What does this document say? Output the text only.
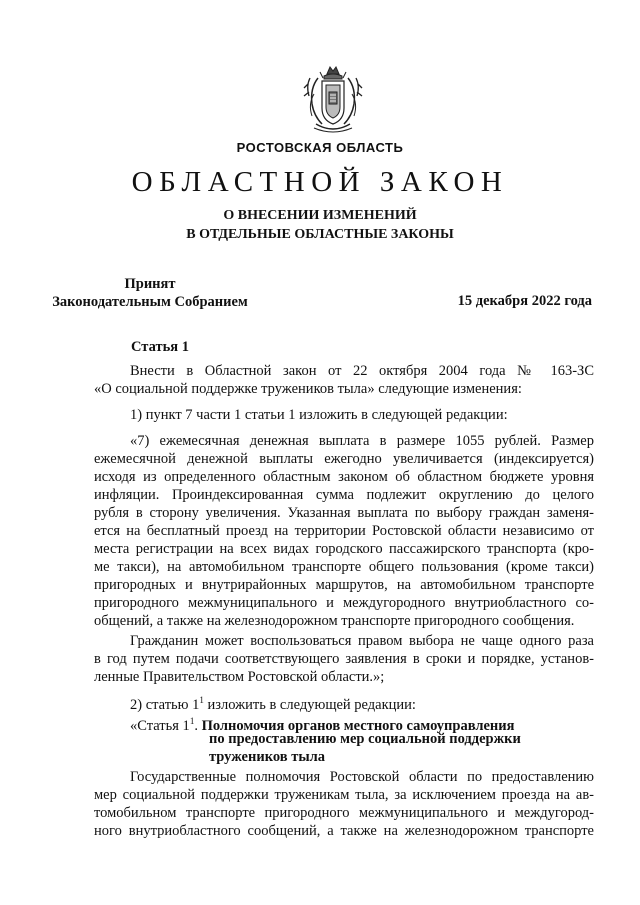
РОСТОВСКАЯ ОБЛАСТЬ
ОБЛАСТНОЙ ЗАКОН
О ВНЕСЕНИИ ИЗМЕНЕНИЙ
В ОТДЕЛЬНЫЕ ОБЛАСТНЫЕ ЗАКОНЫ
Принят
Законодательным Собранием	15 декабря 2022 года
Статья 1
Внести в Областной закон от 22 октября 2004 года № 163-ЗС
«О социальной поддержке тружеников тыла» следующие изменения:
1) пункт 7 части 1 статьи 1 изложить в следующей редакции:
«7) ежемесячная денежная выплата в размере 1055 рублей. Размер
ежемесячной денежной выплаты ежегодно увеличивается (индексируется)
исходя из определенного областным законом об областном бюджете уровня
инфляции. Проиндексированная сумма подлежит округлению до целого
рубля в сторону увеличения. Указанная выплата по выбору граждан заменя-
ется на бесплатный проезд на территории Ростовской области независимо от
места регистрации на всех видах городского пассажирского транспорта (кро-
ме такси), на автомобильном транспорте общего пользования (кроме такси)
пригородных и внутрирайонных маршрутов, на автомобильном транспорте
пригородного межмуниципального и междугородного внутриобластного со-
общений, а также на железнодорожном транспорте пригородного сообщения.
Гражданин может воспользоваться правом выбора не чаще одного раза
в год путем подачи соответствующего заявления в сроки и порядке, установ-
ленные Правительством Ростовской области.»;
2) статью $1^1$ изложить в следующей редакции:
«Статья $1^1$. Полномочия органов местного самоуправления
по предоставлению мер социальной поддержки
тружеников тыла
Государственные полномочия Ростовской области по предоставлению
мер социальной поддержки труженикам тыла, за исключением проезда на ав-
томобильном транспорте пригородного межмуниципального и междугород-
ного внутриобластного сообщений, а также на железнодорожном транспорте
